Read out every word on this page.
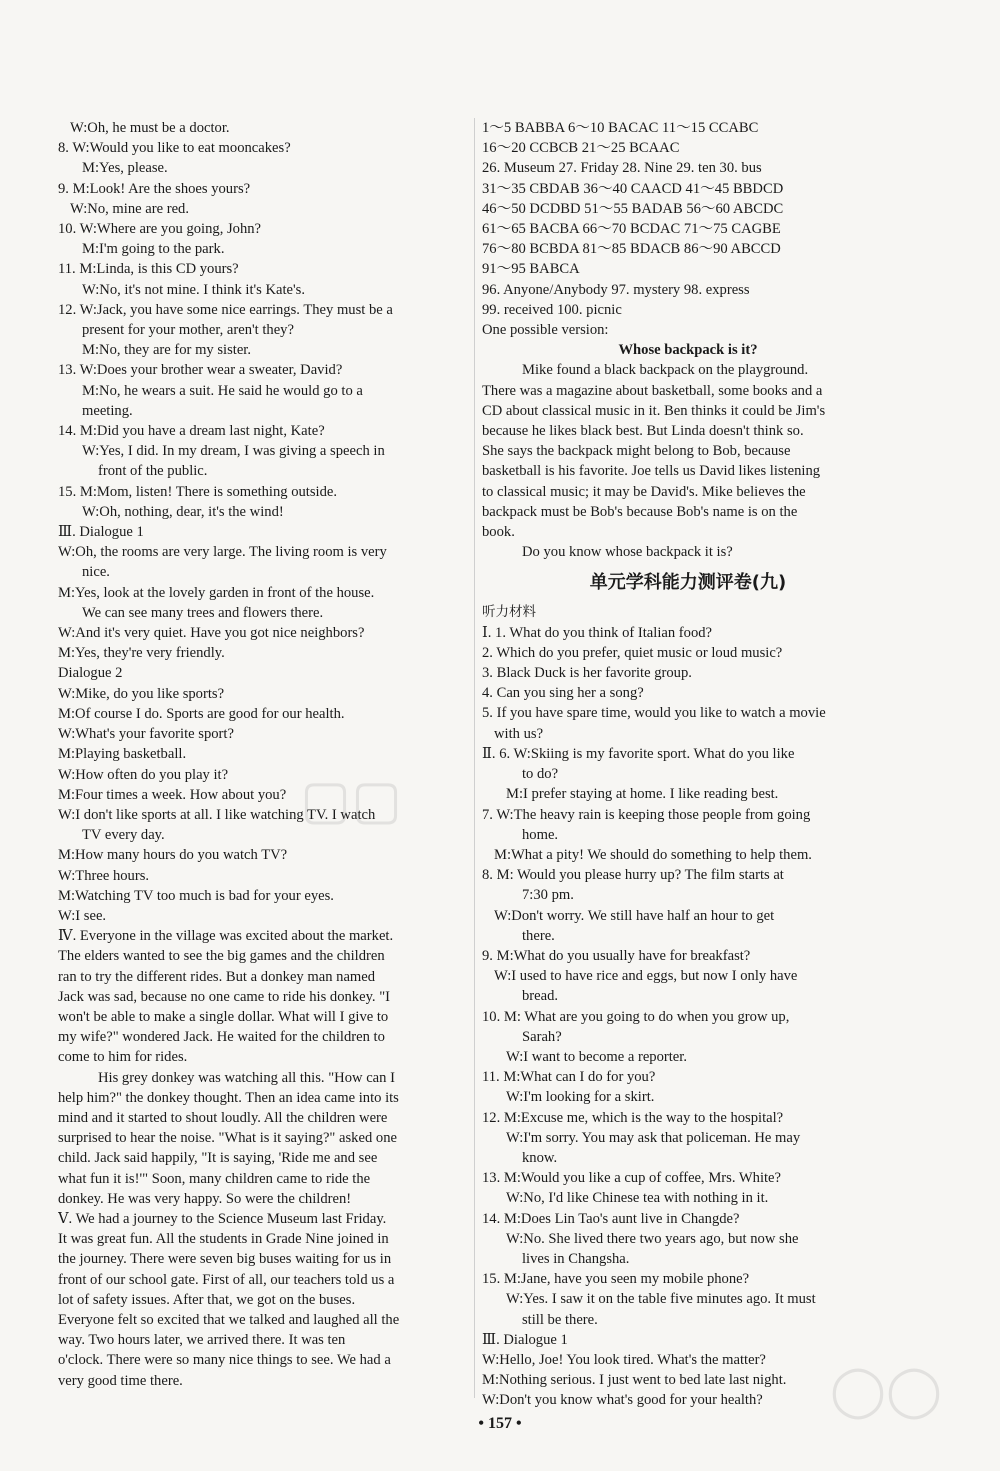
W:Oh, he must be a doctor.
8. W:Would you like to eat mooncakes?
M:Yes, please.
9. M:Look! Are the shoes yours?
W:No, mine are red.
10. W:Where are you going, John?
M:I'm going to the park.
11. M:Linda, is this CD yours?
W:No, it's not mine. I think it's Kate's.
12. W:Jack, you have some nice earrings. They must be a
present for your mother, aren't they?
M:No, they are for my sister.
13. W:Does your brother wear a sweater, David?
M:No, he wears a suit. He said he would go to a
meeting.
14. M:Did you have a dream last night, Kate?
W:Yes, I did. In my dream, I was giving a speech in
front of the public.
15. M:Mom, listen! There is something outside.
W:Oh, nothing, dear, it's the wind!
Ⅲ. Dialogue 1
W:Oh, the rooms are very large. The living room is very
nice.
M:Yes, look at the lovely garden in front of the house.
We can see many trees and flowers there.
W:And it's very quiet. Have you got nice neighbors?
M:Yes, they're very friendly.
Dialogue 2
W:Mike, do you like sports?
M:Of course I do. Sports are good for our health.
W:What's your favorite sport?
M:Playing basketball.
W:How often do you play it?
M:Four times a week. How about you?
W:I don't like sports at all. I like watching TV. I watch
TV every day.
M:How many hours do you watch TV?
W:Three hours.
M:Watching TV too much is bad for your eyes.
W:I see.
Ⅳ. Everyone in the village was excited about the market.
The elders wanted to see the big games and the children
ran to try the different rides. But a donkey man named
Jack was sad, because no one came to ride his donkey. "I
won't be able to make a single dollar. What will I give to
my wife?" wondered Jack. He waited for the children to
come to him for rides.
His grey donkey was watching all this. "How can I
help him?" the donkey thought. Then an idea came into its
mind and it started to shout loudly. All the children were
surprised to hear the noise. "What is it saying?" asked one
child. Jack said happily, "It is saying, 'Ride me and see
what fun it is!'" Soon, many children came to ride the
donkey. He was very happy. So were the children!
Ⅴ. We had a journey to the Science Museum last Friday.
It was great fun. All the students in Grade Nine joined in
the journey. There were seven big buses waiting for us in
front of our school gate. First of all, our teachers told us a
lot of safety issues. After that, we got on the buses.
Everyone felt so excited that we talked and laughed all the
way. Two hours later, we arrived there. It was ten
o'clock. There were so many nice things to see. We had a
very good time there.
1～5 BABBA 6～10 BACAC 11～15 CCABC
16～20 CCBCB 21～25 BCAAC
26. Museum 27. Friday 28. Nine 29. ten 30. bus
31～35 CBDAB 36～40 CAACD 41～45 BBDCD
46～50 DCDBD 51～55 BADAB 56～60 ABCDC
61～65 BACBA 66～70 BCDAC 71～75 CAGBE
76～80 BCBDA 81～85 BDACB 86～90 ABCCD
91～95 BABCA
96. Anyone/Anybody 97. mystery 98. express
99. received 100. picnic
One possible version:
Whose backpack is it?
Mike found a black backpack on the playground.
There was a magazine about basketball, some books and a
CD about classical music in it. Ben thinks it could be Jim's
because he likes black best. But Linda doesn't think so.
She says the backpack might belong to Bob, because
basketball is his favorite. Joe tells us David likes listening
to classical music; it may be David's. Mike believes the
backpack must be Bob's because Bob's name is on the
book.
Do you know whose backpack it is?
单元学科能力测评卷(九)
听力材料
Ⅰ. 1. What do you think of Italian food?
2. Which do you prefer, quiet music or loud music?
3. Black Duck is her favorite group.
4. Can you sing her a song?
5. If you have spare time, would you like to watch a movie
with us?
Ⅱ. 6. W:Skiing is my favorite sport. What do you like
to do?
M:I prefer staying at home. I like reading best.
7. W:The heavy rain is keeping those people from going
home.
M:What a pity! We should do something to help them.
8. M: Would you please hurry up? The film starts at
7:30 pm.
W:Don't worry. We still have half an hour to get
there.
9. M:What do you usually have for breakfast?
W:I used to have rice and eggs, but now I only have
bread.
10. M: What are you going to do when you grow up,
Sarah?
W:I want to become a reporter.
11. M:What can I do for you?
W:I'm looking for a skirt.
12. M:Excuse me, which is the way to the hospital?
W:I'm sorry. You may ask that policeman. He may
know.
13. M:Would you like a cup of coffee, Mrs. White?
W:No, I'd like Chinese tea with nothing in it.
14. M:Does Lin Tao's aunt live in Changde?
W:No. She lived there two years ago, but now she
lives in Changsha.
15. M:Jane, have you seen my mobile phone?
W:Yes. I saw it on the table five minutes ago. It must
still be there.
Ⅲ. Dialogue 1
W:Hello, Joe! You look tired. What's the matter?
M:Nothing serious. I just went to bed late last night.
W:Don't you know what's good for your health?
• 157 •
▢▢
◯◯
